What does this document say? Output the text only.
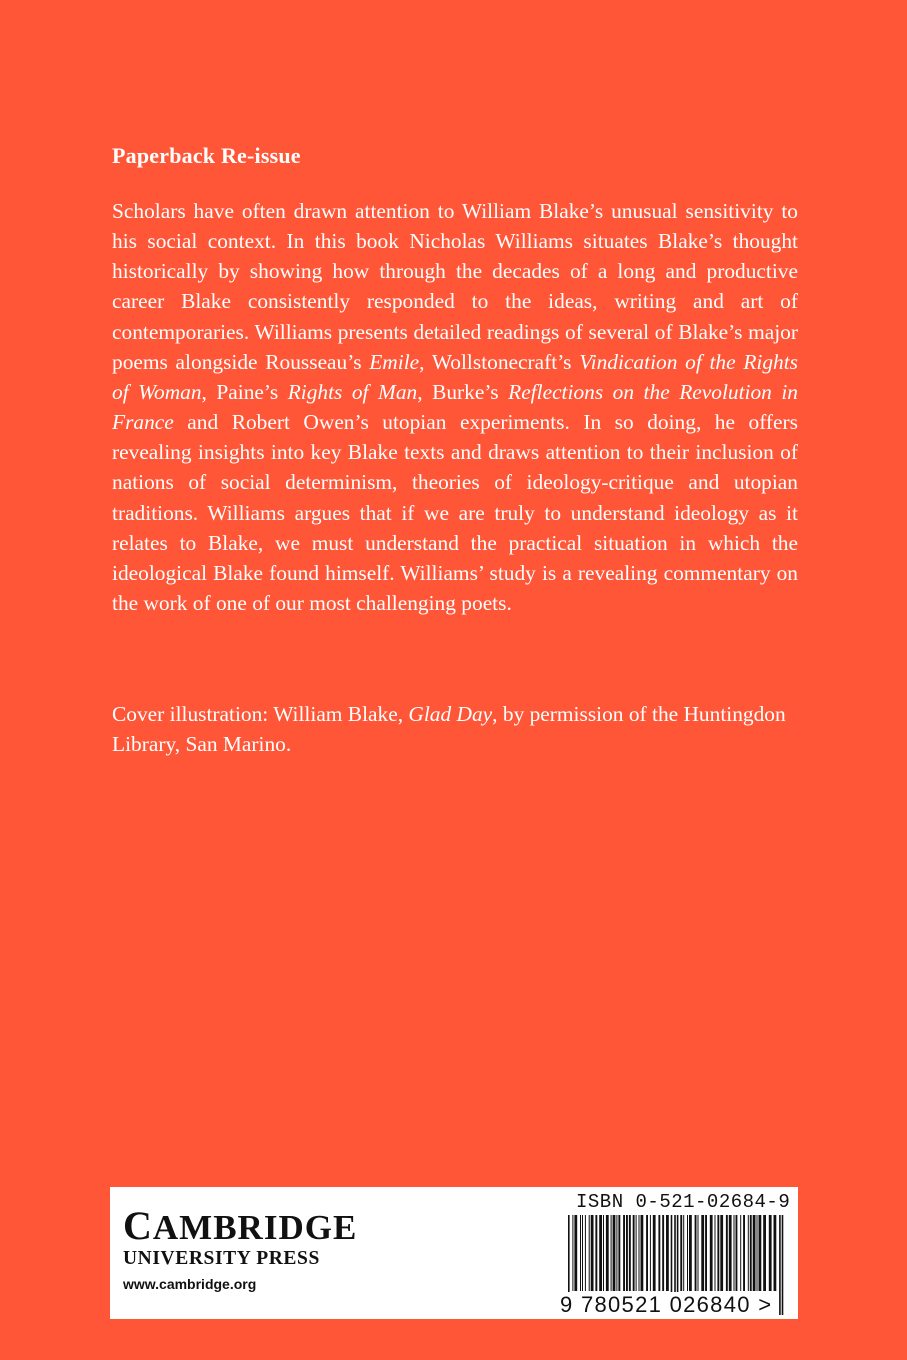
Paperback Re-issue

Scholars have often drawn attention to William Blake’s unusual sensitivity to his social context. In this book Nicholas Williams situates Blake’s thought historically by showing how through the decades of a long and productive career Blake consistently responded to the ideas, writing and art of contemporaries. Williams presents detailed readings of several of Blake’s major poems alongside Rousseau’s Emile, Wollstonecraft’s Vindication of the Rights of Woman, Paine’s Rights of Man, Burke’s Reflections on the Revolution in France and Robert Owen’s utopian experiments. In so doing, he offers revealing insights into key Blake texts and draws attention to their inclusion of nations of social determinism, theories of ideology-critique and utopian traditions. Williams argues that if we are truly to understand ideology as it relates to Blake, we must understand the practical situation in which the ideological Blake found himself. Williams’ study is a revealing commentary on the work of one of our most challenging poets.

Cover illustration: William Blake, Glad Day, by permission of the Huntingdon Library, San Marino.

CAMBRIDGE
UNIVERSITY PRESS
www.cambridge.org
ISBN 0-521-02684-9
9 780521 026840 >
